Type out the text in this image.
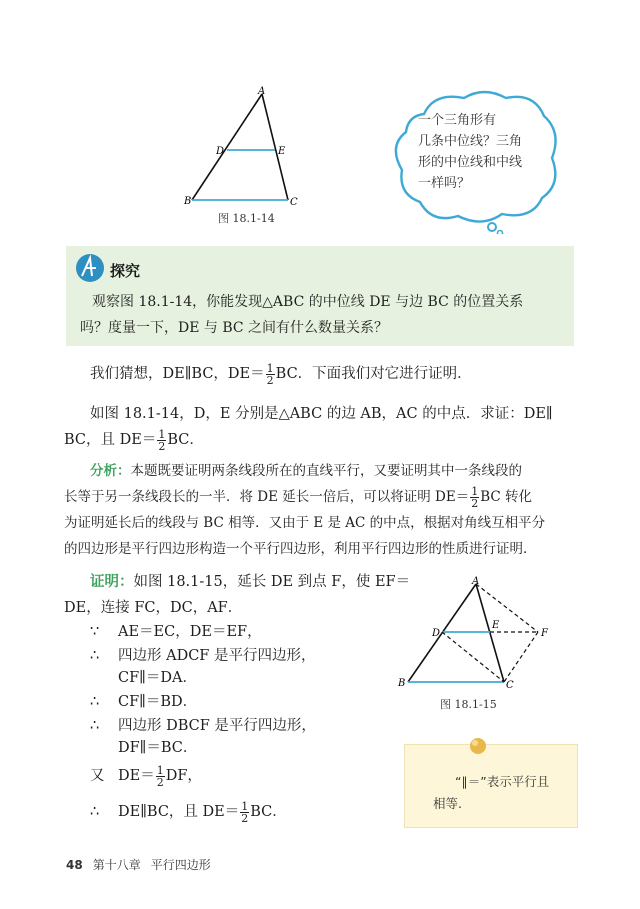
A
B	C
D	E
图 18.1-14
一个三角形有
几条中位线？三角
形的中位线和中线
一样吗？
探究
观察图 18.1-14，你能发现△ABC 的中位线 DE 与边 BC 的位置关系
吗？度量一下，DE 与 BC 之间有什么数量关系？
我们猜想，DE∥BC，$DE= \frac{1}{2}$ BC．下面我们对它进行证明．
如图 18.1-14，D，E 分别是△ABC 的边 AB，AC 的中点．求证：DE∥
BC，且 $DE= \frac{1}{2}$ BC．
分析：本题既要证明两条线段所在的直线平行，又要证明其中一条线段的
长等于另一条线段长的一半．将 DE 延长一倍后，可以将证明 $DE= \frac{1}{2}$ BC 转化
为证明延长后的线段与 BC 相等．又由于 E 是 AC 的中点，根据对角线互相平分
的四边形是平行四边形构造一个平行四边形，利用平行四边形的性质进行证明．
证明：如图 18.1-15，延长 DE 到点 F，使 EF＝
DE，连接 FC，DC，AF．
∵ AE＝EC，DE＝EF，
∴ 四边形 ADCF 是平行四边形，
CF∥＝DA．
∴ CF∥＝BD．
∴ 四边形 DBCF 是平行四边形，
DF∥＝BC．
又 $DE= \frac{1}{2}$ DF，
∴ DE∥BC，且 $DE= \frac{1}{2}$ BC．
A
B	C
D
E
F
图 18.1-15
“∥＝”表示平行且
相等.
48 第十八章 平行四边形
